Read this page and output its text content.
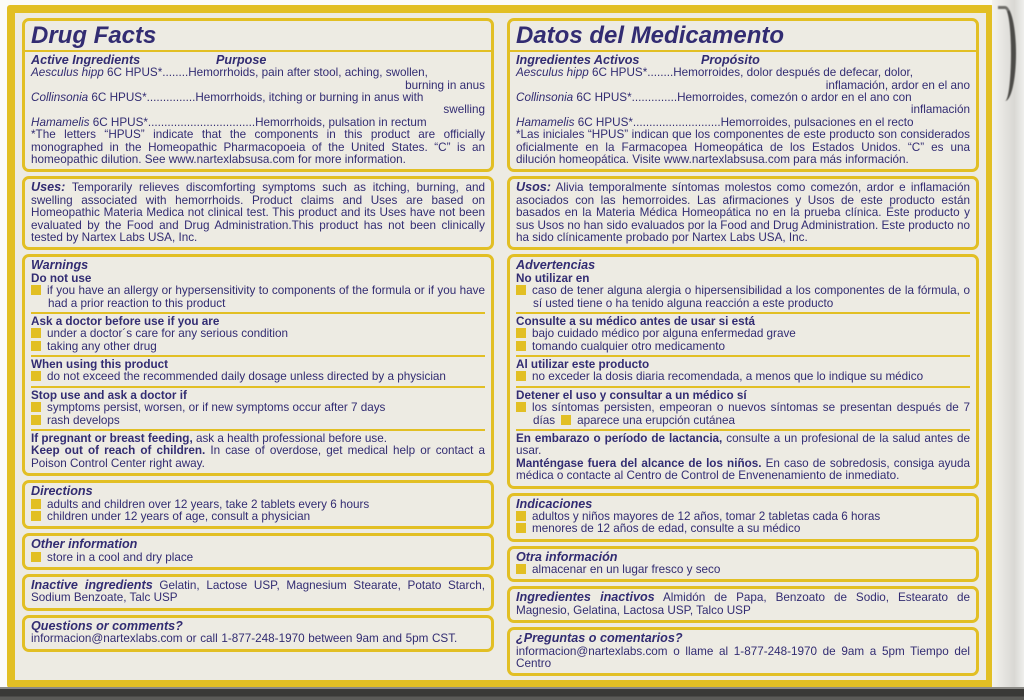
Drug Facts
Active Ingredients	Purpose
Aesculus hipp 6C HPUS*........Hemorrhoids, pain after stool, aching, swollen,
burning in anus
Collinsonia 6C HPUS*...............Hemorrhoids, itching or burning in anus with
swelling
Hamamelis 6C HPUS*.................................Hemorrhoids, pulsation in rectum

*The letters “HPUS” indicate that the components in this product are officially monographed in the Homeopathic Pharmacopoeia of the United States. “C” is an homeopathic dilution. See www.nartexlabsusa.com for more information.

Uses: Temporarily relieves discomforting symptoms such as itching, burning, and swelling associated with hemorrhoids. Product claims and Uses are based on Homeopathic Materia Medica not clinical test. This product and its Uses have not been evaluated by the Food and Drug Administration.This product has not been clinically tested by Nartex Labs USA, Inc.

Warnings
Do not use
if you have an allergy or hypersensitivity to components of the formula or if you have had a prior reaction to this product
Ask a doctor before use if you are
under a doctor´s care for any serious condition
taking any other drug
When using this product
do not exceed the recommended daily dosage unless directed by a physician
Stop use and ask a doctor if
symptoms persist, worsen, or if new symptoms occur after 7 days
rash develops

If pregnant or breast feeding, ask a health professional before use.

Keep out of reach of children. In case of overdose, get medical help or contact a Poison Control Center right away.

Directions
adults and children over 12 years, take 2 tablets every 6 hours
children under 12 years of age, consult a physician
Other information
store in a cool and dry place

Inactive ingredients Gelatin, Lactose USP, Magnesium Stearate, Potato Starch, Sodium Benzoate, Talc USP

Questions or comments?

informacion@nartexlabs.com or call 1-877-248-1970 between 9am and 5pm CST.

Datos del Medicamento
Ingredientes Activos	Propósito
Aesculus hipp 6C HPUS*........Hemorroides, dolor después de defecar, dolor,
inflamación, ardor en el ano
Collinsonia 6C HPUS*..............Hemorroides, comezón o ardor en el ano con
inflamación
Hamamelis 6C HPUS*...........................Hemorroides, pulsaciones en el recto

*Las iniciales “HPUS” indican que los componentes de este producto son considerados oficialmente en la Farmacopea Homeopática de los Estados Unidos. “C” es una dilución homeopática. Visite www.nartexlabsusa.com para más información.

Usos: Alivia temporalmente síntomas molestos como comezón, ardor e inflamación asociados con las hemorroides. Las afirmaciones y Usos de este producto están basados en la Materia Médica Homeopática no en la prueba clínica. Este producto y sus Usos no han sido evaluados por la Food and Drug Administration. Este producto no ha sido clínicamente probado por Nartex Labs USA, Inc.

Advertencias
No utilizar en
caso de tener alguna alergia o hipersensibilidad a los componentes de la fórmula, o sí usted tiene o ha tenido alguna reacción a este producto
Consulte a su médico antes de usar si está
bajo cuidado médico por alguna enfermedad grave
tomando cualquier otro medicamento
Al utilizar este producto
no exceder la dosis diaria recomendada, a menos que lo indique su médico
Detener el uso y consultar a un médico sí
los síntomas persisten, empeoran o nuevos síntomas se presentan después de 7 días aparece una erupción cutánea

En embarazo o período de lactancia, consulte a un profesional de la salud antes de usar.

Manténgase fuera del alcance de los niños. En caso de sobredosis, consiga ayuda médica o contacte al Centro de Control de Envenenamiento de inmediato.

Indicaciones
adultos y niños mayores de 12 años, tomar 2 tabletas cada 6 horas
menores de 12 años de edad, consulte a su médico
Otra información
almacenar en un lugar fresco y seco

Ingredientes inactivos Almidón de Papa, Benzoato de Sodio, Estearato de Magnesio, Gelatina, Lactosa USP, Talco USP

¿Preguntas o comentarios?

informacion@nartexlabs.com o llame al 1-877-248-1970 de 9am a 5pm Tiempo del Centro
